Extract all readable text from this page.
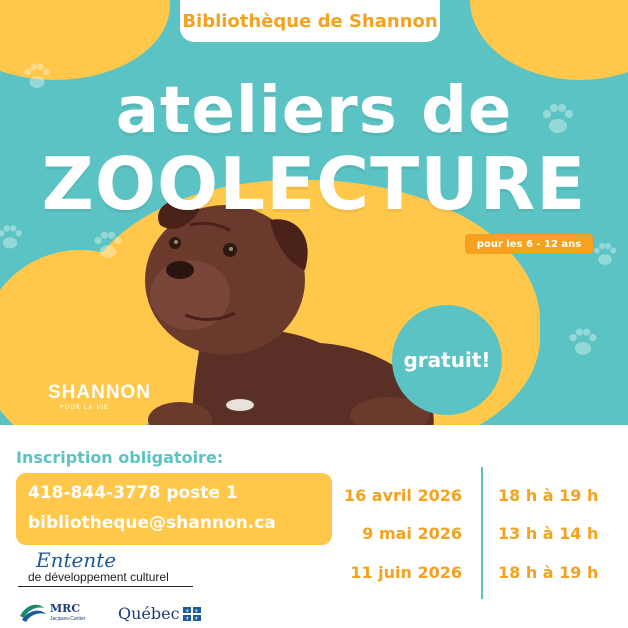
Bibliothèque de Shannon
ateliers de
ZOOLECTURE
pour les 6 - 12 ans
gratuit!
SHANNON
POUR LA VIE
Inscription obligatoire:
418-844-3778 poste 1
bibliotheque@shannon.ca
16 avril 2026
9 mai 2026
11 juin 2026
18 h à 19 h
13 h à 14 h
18 h à 19 h
Entente
de développement culturel
MRC
Jacques-Cartier Québec ⚜ ⚜
⚜ ⚜
